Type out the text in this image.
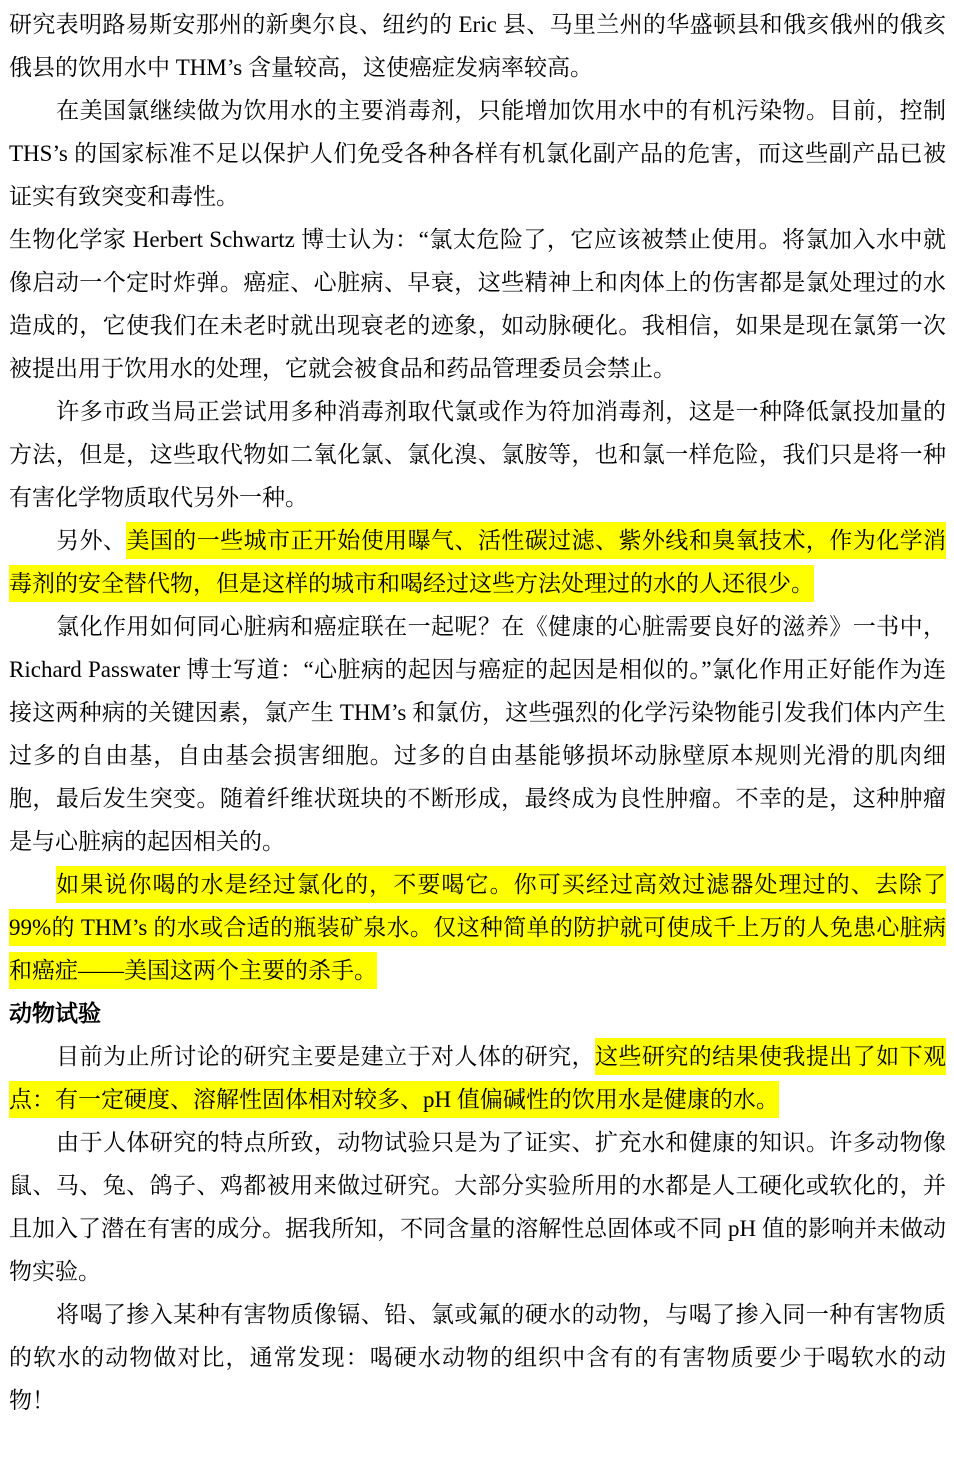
研究表明路易斯安那州的新奥尔良、纽约的 Eric 县、马里兰州的华盛顿县和俄亥俄州的俄亥俄县的饮用水中 THM’s 含量较高，这使癌症发病率较高。

在美国氯继续做为饮用水的主要消毒剂，只能增加饮用水中的有机污染物。目前，控制 THS’s 的国家标准不足以保护人们免受各种各样有机氯化副产品的危害，而这些副产品已被证实有致突变和毒性。

生物化学家 Herbert Schwartz 博士认为：“氯太危险了，它应该被禁止使用。将氯加入水中就像启动一个定时炸弹。癌症、心脏病、早衰，这些精神上和肉体上的伤害都是氯处理过的水造成的，它使我们在未老时就出现衰老的迹象，如动脉硬化。我相信，如果是现在氯第一次被提出用于饮用水的处理，它就会被食品和药品管理委员会禁止。

许多市政当局正尝试用多种消毒剂取代氯或作为符加消毒剂，这是一种降低氯投加量的方法，但是，这些取代物如二氧化氯、氯化溴、氯胺等，也和氯一样危险，我们只是将一种有害化学物质取代另外一种。

另外、美国的一些城市正开始使用曝气、活性碳过滤、紫外线和臭氧技术，作为化学消毒剂的安全替代物，但是这样的城市和喝经过这些方法处理过的水的人还很少。

氯化作用如何同心脏病和癌症联在一起呢？在《健康的心脏需要良好的滋养》一书中，Richard Passwater 博士写道：“心脏病的起因与癌症的起因是相似的。”氯化作用正好能作为连接这两种病的关键因素，氯产生 THM’s 和氯仿，这些强烈的化学污染物能引发我们体内产生过多的自由基，自由基会损害细胞。过多的自由基能够损坏动脉壁原本规则光滑的肌肉细胞，最后发生突变。随着纤维状斑块的不断形成，最终成为良性肿瘤。不幸的是，这种肿瘤是与心脏病的起因相关的。

如果说你喝的水是经过氯化的，不要喝它。你可买经过高效过滤器处理过的、去除了 99%的 THM’s 的水或合适的瓶装矿泉水。仅这种简单的防护就可使成千上万的人免患心脏病和癌症——美国这两个主要的杀手。

动物试验

目前为止所讨论的研究主要是建立于对人体的研究，这些研究的结果使我提出了如下观点：有一定硬度、溶解性固体相对较多、pH 值偏碱性的饮用水是健康的水。

由于人体研究的特点所致，动物试验只是为了证实、扩充水和健康的知识。许多动物像鼠、马、兔、鸽子、鸡都被用来做过研究。大部分实验所用的水都是人工硬化或软化的，并且加入了潜在有害的成分。据我所知，不同含量的溶解性总固体或不同 pH 值的影响并未做动物实验。

将喝了掺入某种有害物质像镉、铅、氯或氟的硬水的动物，与喝了掺入同一种有害物质的软水的动物做对比，通常发现：喝硬水动物的组织中含有的有害物质要少于喝软水的动物！
